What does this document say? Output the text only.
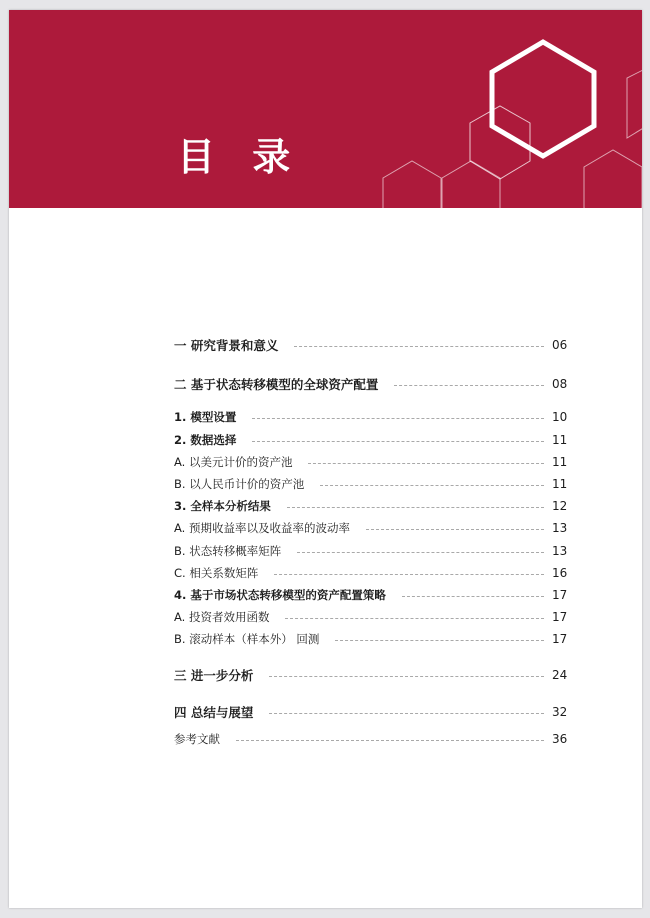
目 录
一 研究背景和意义	06
二 基于状态转移模型的全球资产配置	08
1. 模型设置	10
2. 数据选择	11
A. 以美元计价的资产池	11
B. 以人民币计价的资产池	11
3. 全样本分析结果	12
A. 预期收益率以及收益率的波动率	13
B. 状态转移概率矩阵	13
C. 相关系数矩阵	16
4. 基于市场状态转移模型的资产配置策略	17
A. 投资者效用函数	17
B. 滚动样本（样本外） 回测	17
三 进一步分析	24
四 总结与展望	32
参考文献	36
